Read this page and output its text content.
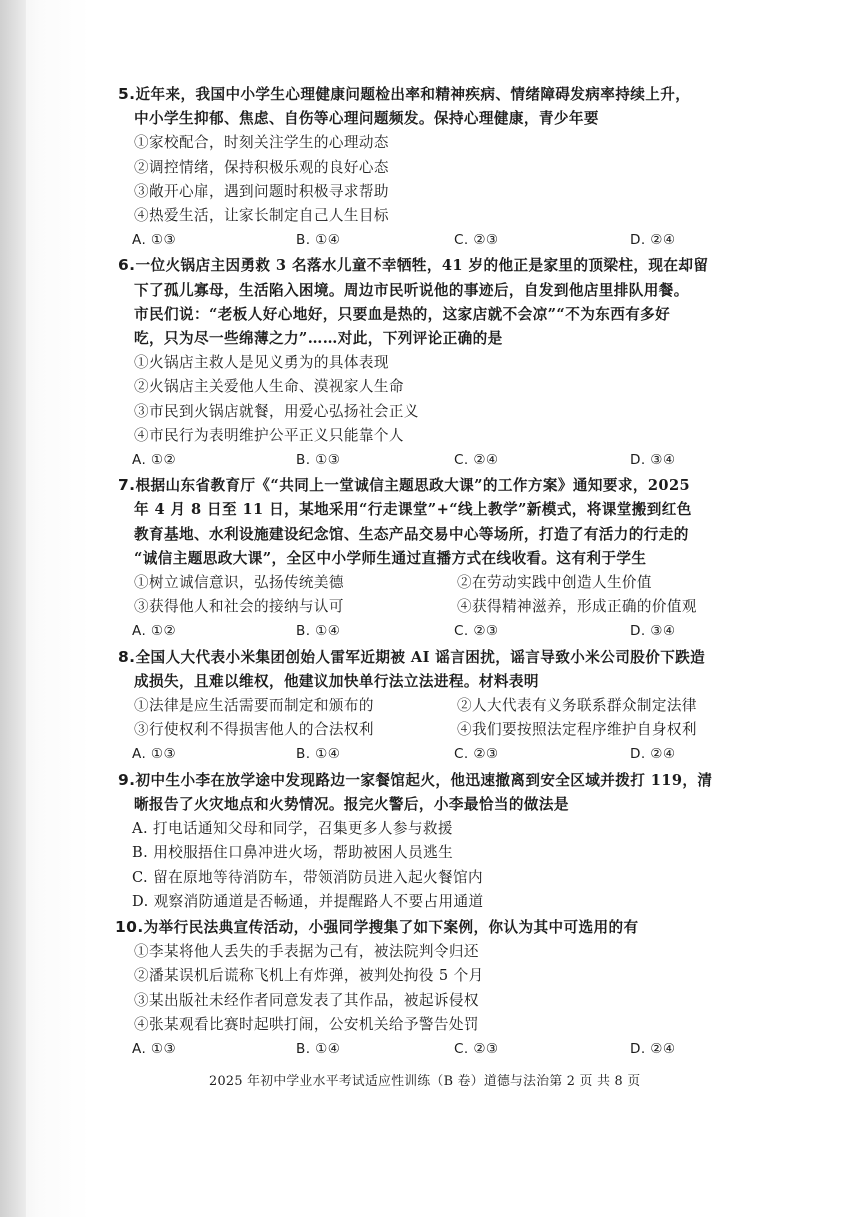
5.近年来，我国中小学生心理健康问题检出率和精神疾病、情绪障碍发病率持续上升，
中小学生抑郁、焦虑、自伤等心理问题频发。保持心理健康，青少年要
①家校配合，时刻关注学生的心理动态
②调控情绪，保持积极乐观的良好心态
③敞开心扉，遇到问题时积极寻求帮助
④热爱生活，让家长制定自己人生目标
A. ①③	B. ①④	C. ②③	D. ②④
6.一位火锅店主因勇救 3 名落水儿童不幸牺牲，41 岁的他正是家里的顶梁柱，现在却留
下了孤儿寡母，生活陷入困境。周边市民听说他的事迹后，自发到他店里排队用餐。
市民们说：“老板人好心地好，只要血是热的，这家店就不会凉”“不为东西有多好
吃，只为尽一些绵薄之力”……对此，下列评论正确的是
①火锅店主救人是见义勇为的具体表现
②火锅店主关爱他人生命、漠视家人生命
③市民到火锅店就餐，用爱心弘扬社会正义
④市民行为表明维护公平正义只能靠个人
A. ①②	B. ①③	C. ②④	D. ③④
7.根据山东省教育厅《“共同上一堂诚信主题思政大课”的工作方案》通知要求，2025
年 4 月 8 日至 11 日，某地采用“行走课堂”+“线上教学”新模式，将课堂搬到红色
教育基地、水利设施建设纪念馆、生态产品交易中心等场所，打造了有活力的行走的
“诚信主题思政大课”，全区中小学师生通过直播方式在线收看。这有利于学生
①树立诚信意识，弘扬传统美德	②在劳动实践中创造人生价值
③获得他人和社会的接纳与认可	④获得精神滋养，形成正确的价值观
A. ①②	B. ①④	C. ②③	D. ③④
8.全国人大代表小米集团创始人雷军近期被 AI 谣言困扰，谣言导致小米公司股价下跌造
成损失，且难以维权，他建议加快单行法立法进程。材料表明
①法律是应生活需要而制定和颁布的	②人大代表有义务联系群众制定法律
③行使权利不得损害他人的合法权利	④我们要按照法定程序维护自身权利
A. ①③	B. ①④	C. ②③	D. ②④
9.初中生小李在放学途中发现路边一家餐馆起火，他迅速撤离到安全区域并拨打 119，清
晰报告了火灾地点和火势情况。报完火警后，小李最恰当的做法是
A. 打电话通知父母和同学，召集更多人参与救援
B. 用校服捂住口鼻冲进火场，帮助被困人员逃生
C. 留在原地等待消防车，带领消防员进入起火餐馆内
D. 观察消防通道是否畅通，并提醒路人不要占用通道
10.为举行民法典宣传活动，小强同学搜集了如下案例，你认为其中可选用的有
①李某将他人丢失的手表据为己有，被法院判令归还
②潘某误机后谎称飞机上有炸弹，被判处拘役 5 个月
③某出版社未经作者同意发表了其作品，被起诉侵权
④张某观看比赛时起哄打闹，公安机关给予警告处罚
A. ①③	B. ①④	C. ②③	D. ②④
2025 年初中学业水平考试适应性训练（B 卷）道德与法治第 2 页 共 8 页
